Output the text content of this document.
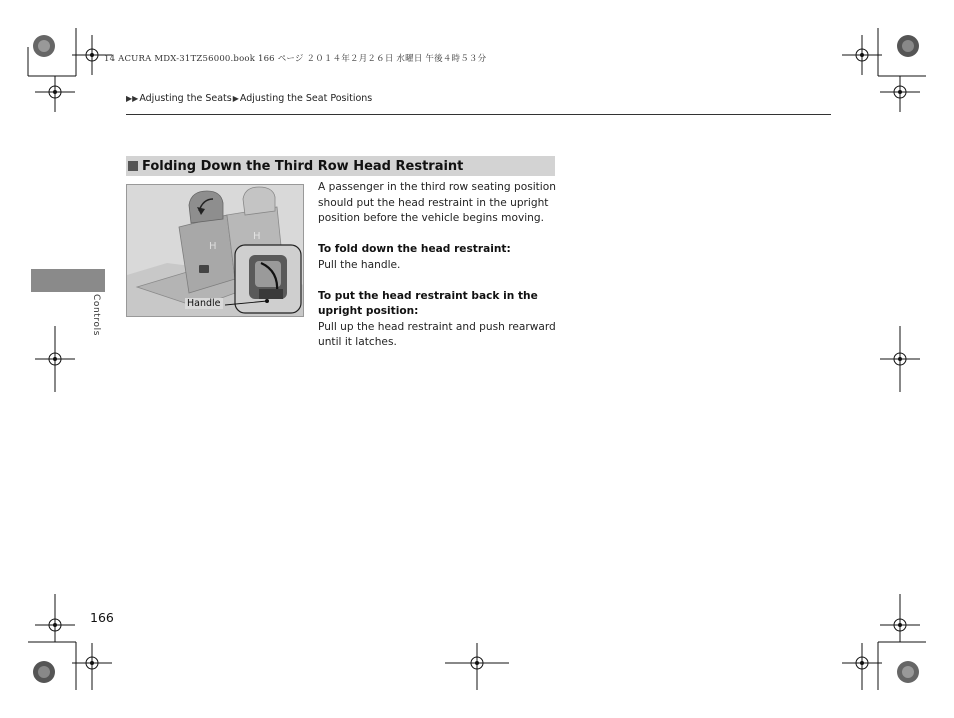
14 ACURA MDX-31TZ56000.book 166 ページ ２０１４年２月２６日 水曜日 午後４時５３分
▶▶ Adjusting the Seats ▶ Adjusting the Seat Positions
Controls
Folding Down the Third Row Head Restraint
H
H
Handle

A passenger in the third row seating position should put the head restraint in the upright position before the vehicle begins moving.

To fold down the head restraint:

Pull the handle.

To put the head restraint back in the upright position:

Pull up the head restraint and push rearward until it latches.

166
